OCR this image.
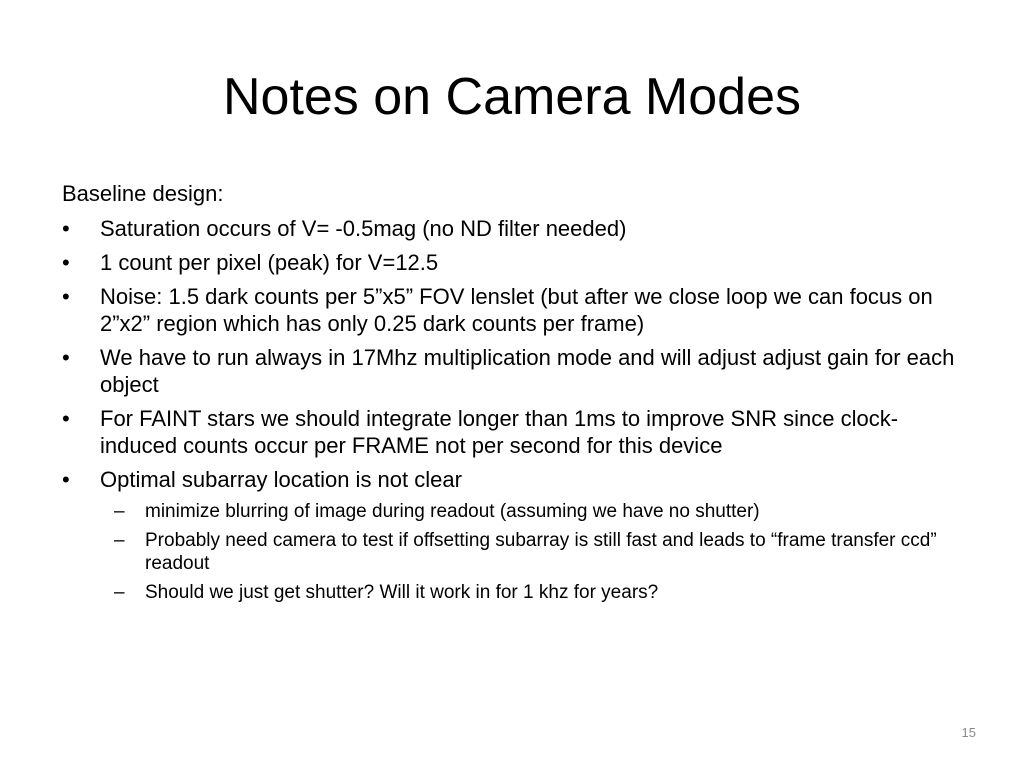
Notes on Camera Modes

Baseline design:

• Saturation occurs of V= -0.5mag (no ND filter needed)
• 1 count per pixel (peak) for V=12.5
• Noise: 1.5 dark counts per 5”x5” FOV lenslet (but after we close loop we can focus on 2”x2” region which has only 0.25 dark counts per frame)
• We have to run always in 17Mhz multiplication mode and will adjust adjust gain for each object
• For FAINT stars we should integrate longer than 1ms to improve SNR since clock-induced counts occur per FRAME not per second for this device
• Optimal subarray location is not clear
– minimize blurring of image during readout (assuming we have no shutter)
– Probably need camera to test if offsetting subarray is still fast and leads to “frame transfer ccd” readout
– Should we just get shutter? Will it work in for 1 khz for years?
15
